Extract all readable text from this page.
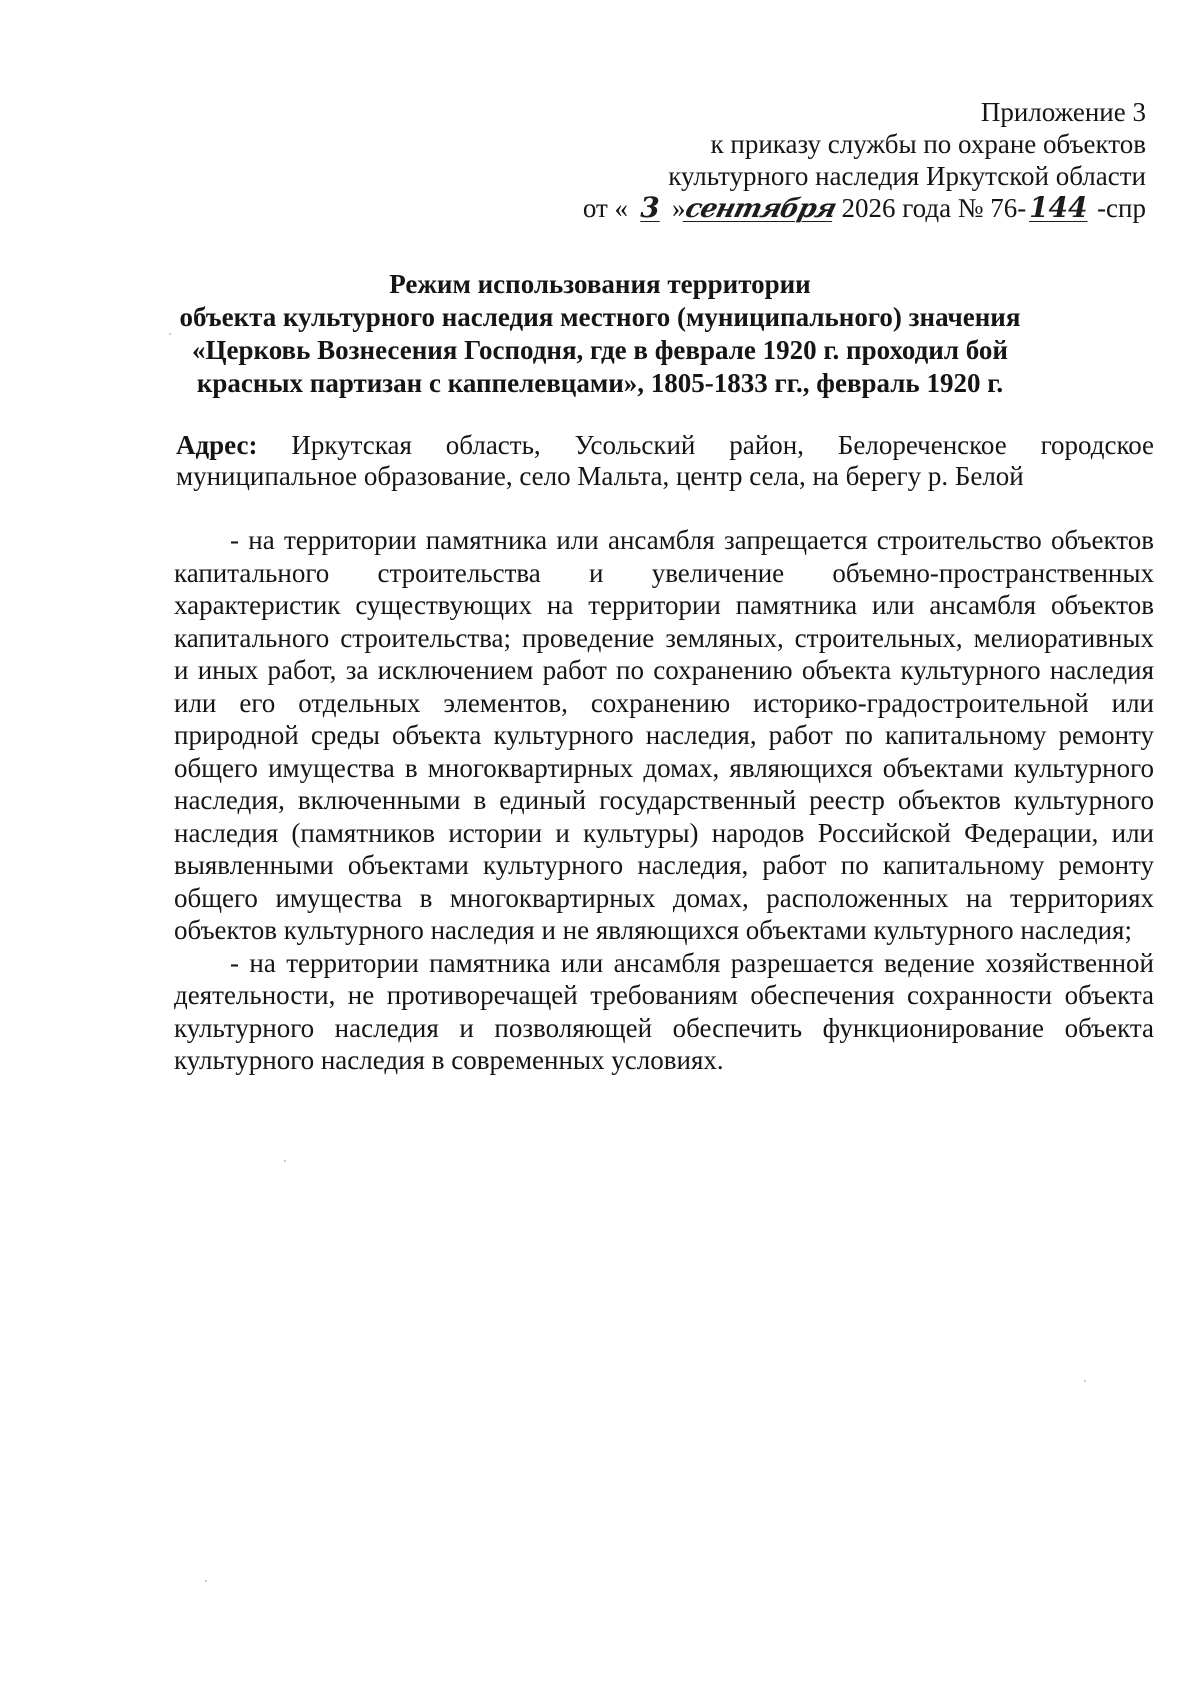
Приложение 3
к приказу службы по охране объектов
культурного наследия Иркутской области
от « 3 »сентября 2026 года № 76-144 -спр
Режим использования территории
объекта культурного наследия местного (муниципального) значения
«Церковь Вознесения Господня, где в феврале 1920 г. проходил бой
красных партизан с каппелевцами», 1805-1833 гг., февраль 1920 г.
Адрес: Иркутская область, Усольский район, Белореченское городское муниципальное образование, село Мальта, центр села, на берегу р. Белой

- на территории памятника или ансамбля запрещается строительство объектов капитального строительства и увеличение объемно-пространственных характеристик существующих на территории памятника или ансамбля объектов капитального строительства; проведение земляных, строительных, мелиоративных и иных работ, за исключением работ по сохранению объекта культурного наследия или его отдельных элементов, сохранению историко-градостроительной или природной среды объекта культурного наследия, работ по капитальному ремонту общего имущества в многоквартирных домах, являющихся объектами культурного наследия, включенными в единый государственный реестр объектов культурного наследия (памятников истории и культуры) народов Российской Федерации, или выявленными объектами культурного наследия, работ по капитальному ремонту общего имущества в многоквартирных домах, расположенных на территориях объектов культурного наследия и не являющихся объектами культурного наследия;

- на территории памятника или ансамбля разрешается ведение хозяйственной деятельности, не противоречащей требованиям обеспечения сохранности объекта культурного наследия и позволяющей обеспечить функционирование объекта культурного наследия в современных условиях.
